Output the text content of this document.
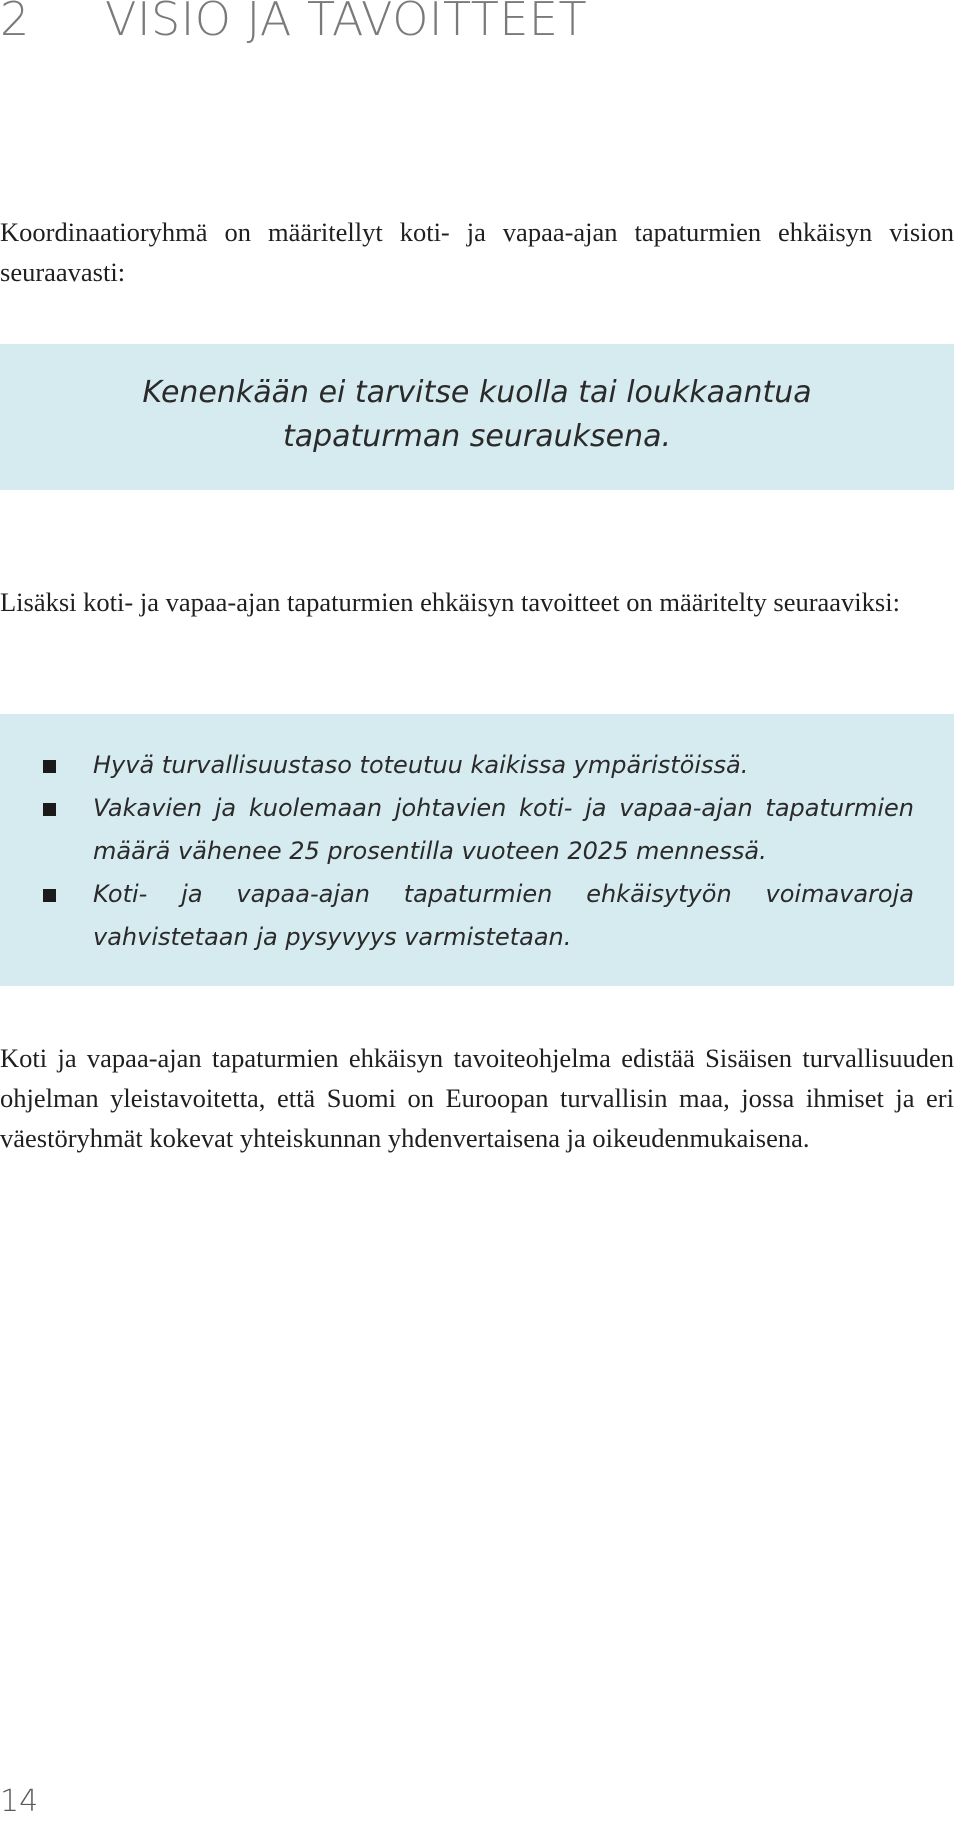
2 VISIO JA TAVOITTEET

Koordinaatioryhmä on määritellyt koti- ja vapaa-ajan tapaturmien ehkäisyn vision seuraavasti:

Kenenkään ei tarvitse kuolla tai loukkaantua
tapaturman seurauksena.

Lisäksi koti- ja vapaa-ajan tapaturmien ehkäisyn tavoitteet on määritelty seuraaviksi:

Hyvä turvallisuustaso toteutuu kaikissa ympäristöissä.
Vakavien ja kuolemaan johtavien koti- ja vapaa-ajan tapaturmien määrä vähenee 25 prosentilla vuoteen 2025 mennessä.
Koti- ja vapaa-ajan tapaturmien ehkäisytyön voimavaroja vahvistetaan ja pysyvyys varmistetaan.

Koti ja vapaa-ajan tapaturmien ehkäisyn tavoiteohjelma edistää Sisäisen turvallisuuden ohjelman yleistavoitetta, että Suomi on Euroopan turvallisin maa, jossa ihmiset ja eri väestöryhmät kokevat yhteiskunnan yhdenvertaisena ja oikeudenmukaisena.

14
